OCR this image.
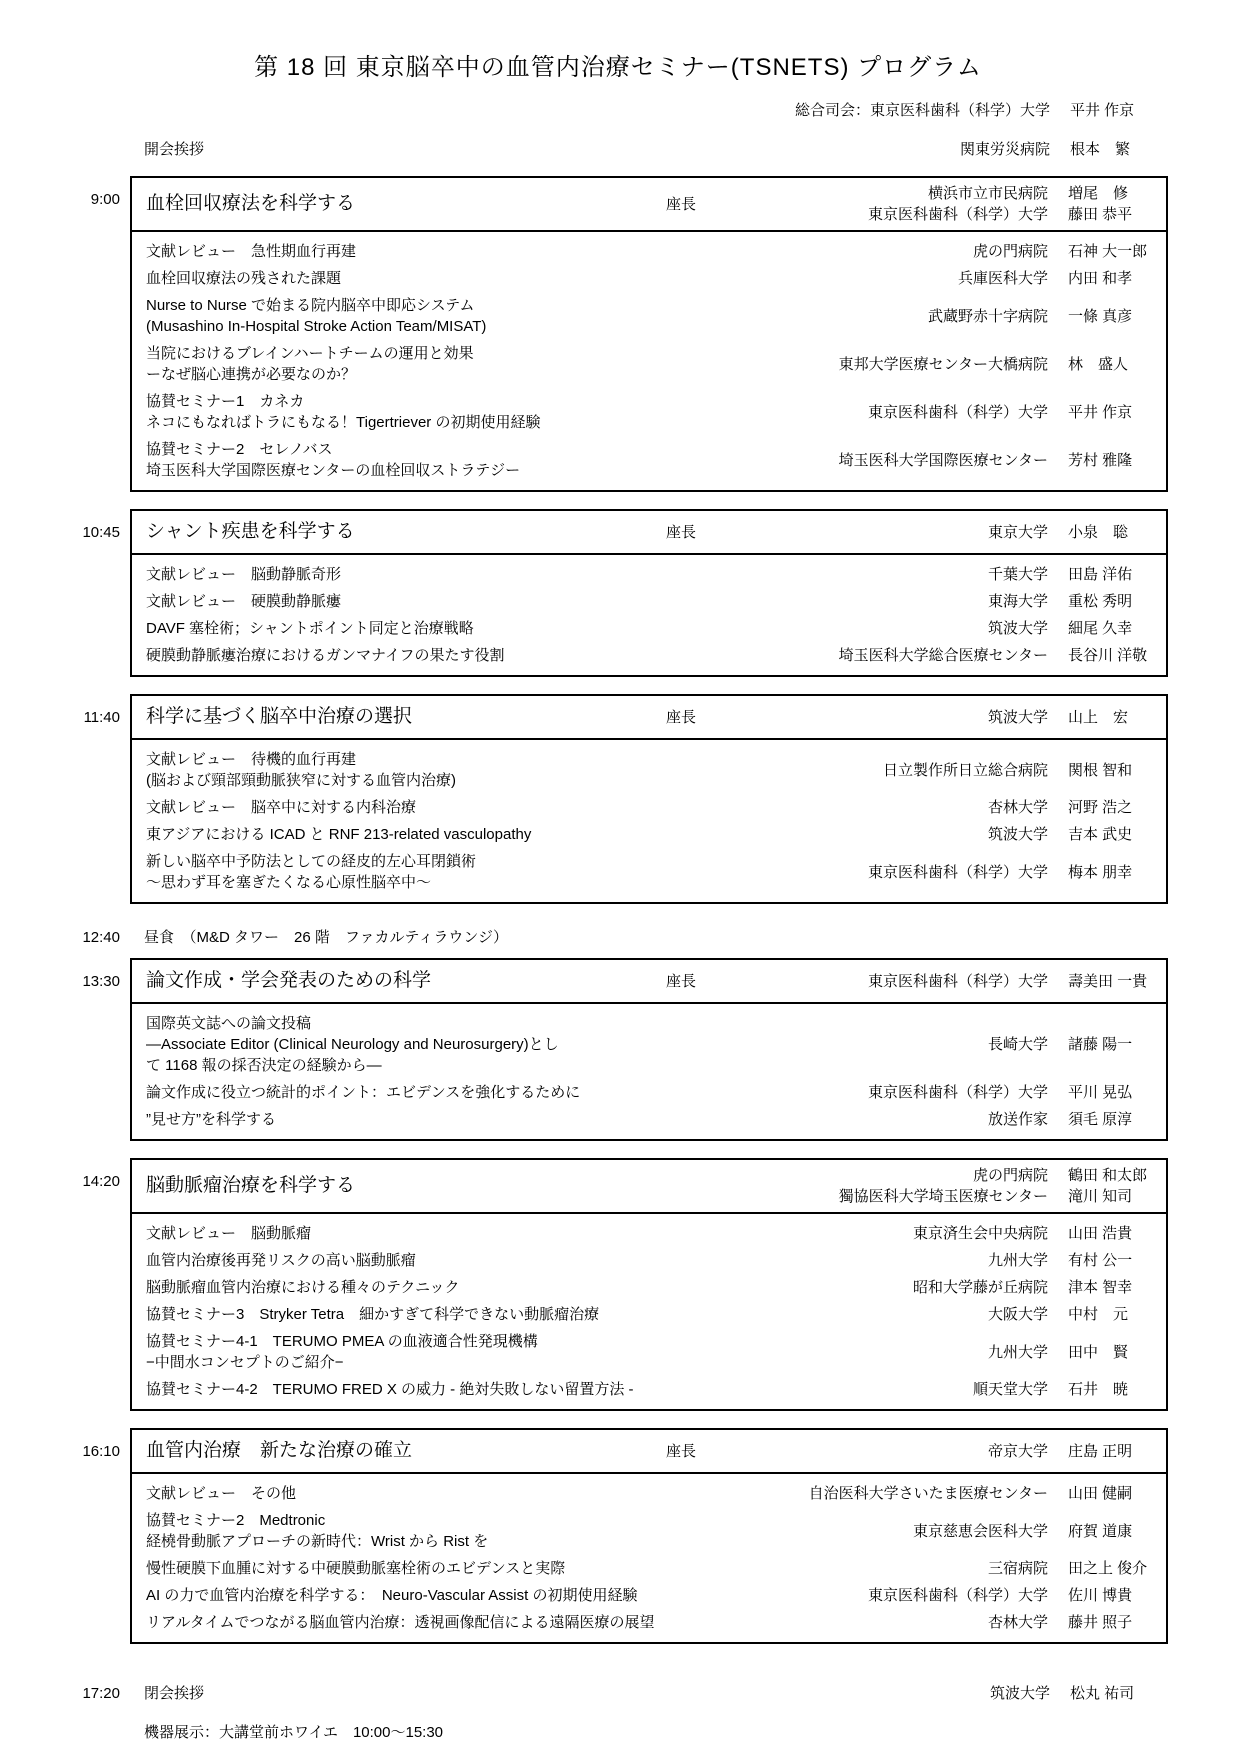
第 18 回 東京脳卒中の血管内治療セミナー(TSNETS) プログラム
総合司会：東京医科歯科（科学）大学 平井 作京
開会挨拶	関東労災病院 根本　繁
9:00 血栓回収療法を科学する	座長
横浜市立市民病院 増尾　修
東京医科歯科（科学）大学 藤田 恭平
文献レビュー　急性期血行再建	虎の門病院 石神 大一郎
血栓回収療法の残された課題	兵庫医科大学 内田 和孝
Nurse to Nurse で始まる院内脳卒中即応システム
(Musashino In-Hospital Stroke Action Team/MISAT)
武蔵野赤十字病院 一條 真彦
当院におけるブレインハートチームの運用と効果
ーなぜ脳心連携が必要なのか？
東邦大学医療センター大橋病院 林　盛人
協賛セミナー1　カネカ
ネコにもなればトラにもなる！Tigertriever の初期使用経験
東京医科歯科（科学）大学 平井 作京
協賛セミナー2　セレノバス
埼玉医科大学国際医療センターの血栓回収ストラテジー
埼玉医科大学国際医療センター 芳村 雅隆
10:45 シャント疾患を科学する	座長	東京大学 小泉　聡
文献レビュー　脳動静脈奇形	千葉大学 田島 洋佑
文献レビュー　硬膜動静脈瘻	東海大学 重松 秀明
DAVF 塞栓術；シャントポイント同定と治療戦略	筑波大学 細尾 久幸
硬膜動静脈瘻治療におけるガンマナイフの果たす役割	埼玉医科大学総合医療センター 長谷川 洋敬
11:40 科学に基づく脳卒中治療の選択	座長	筑波大学 山上　宏
文献レビュー　待機的血行再建
(脳および頸部頸動脈狭窄に対する血管内治療)
日立製作所日立総合病院 関根 智和
文献レビュー　脳卒中に対する内科治療	杏林大学 河野 浩之
東アジアにおける ICAD と RNF 213-related vasculopathy	筑波大学 吉本 武史
新しい脳卒中予防法としての経皮的左心耳閉鎖術
～思わず耳を塞ぎたくなる心原性脳卒中～
東京医科歯科（科学）大学 梅本 朋幸
12:40 昼食　（M&D タワー　26 階　ファカルティラウンジ）
13:30 論文作成・学会発表のための科学	座長	東京医科歯科（科学）大学 壽美田 一貴
国際英文誌への論文投稿
―Associate Editor (Clinical Neurology and Neurosurgery)とし
て 1168 報の採否決定の経験から―
長崎大学 諸藤 陽一
論文作成に役立つ統計的ポイント：エビデンスを強化するために	東京医科歯科（科学）大学 平川 晃弘
”見せ方”を科学する	放送作家 須毛 原淳
14:20 脳動脈瘤治療を科学する	虎の門病院 鶴田 和太郎
獨協医科大学埼玉医療センター 滝川 知司
文献レビュー　脳動脈瘤	東京済生会中央病院 山田 浩貴
血管内治療後再発リスクの高い脳動脈瘤	九州大学 有村 公一
脳動脈瘤血管内治療における種々のテクニック	昭和大学藤が丘病院 津本 智幸
協賛セミナー3　Stryker Tetra　細かすぎて科学できない動脈瘤治療	大阪大学 中村　元
協賛セミナー4-1　TERUMO PMEA の血液適合性発現機構
−中間水コンセプトのご紹介−
九州大学 田中　賢
協賛セミナー4-2　TERUMO FRED X の威力 - 絶対失敗しない留置方法 -	順天堂大学 石井　暁
16:10 血管内治療　新たな治療の確立	座長	帝京大学 庄島 正明
文献レビュー　その他	自治医科大学さいたま医療センター 山田 健嗣
協賛セミナー2　Medtronic
経橈骨動脈アプローチの新時代：Wrist から Rist を
東京慈恵会医科大学 府賀 道康
慢性硬膜下血腫に対する中硬膜動脈塞栓術のエビデンスと実際	三宿病院 田之上 俊介
AI の力で血管内治療を科学する：　Neuro-Vascular Assist の初期使用経験	東京医科歯科（科学）大学 佐川 博貴
リアルタイムでつながる脳血管内治療：透視画像配信による遠隔医療の展望	杏林大学 藤井 照子
17:20 閉会挨拶	筑波大学 松丸 祐司
機器展示：大講堂前ホワイエ　10:00～15:30
